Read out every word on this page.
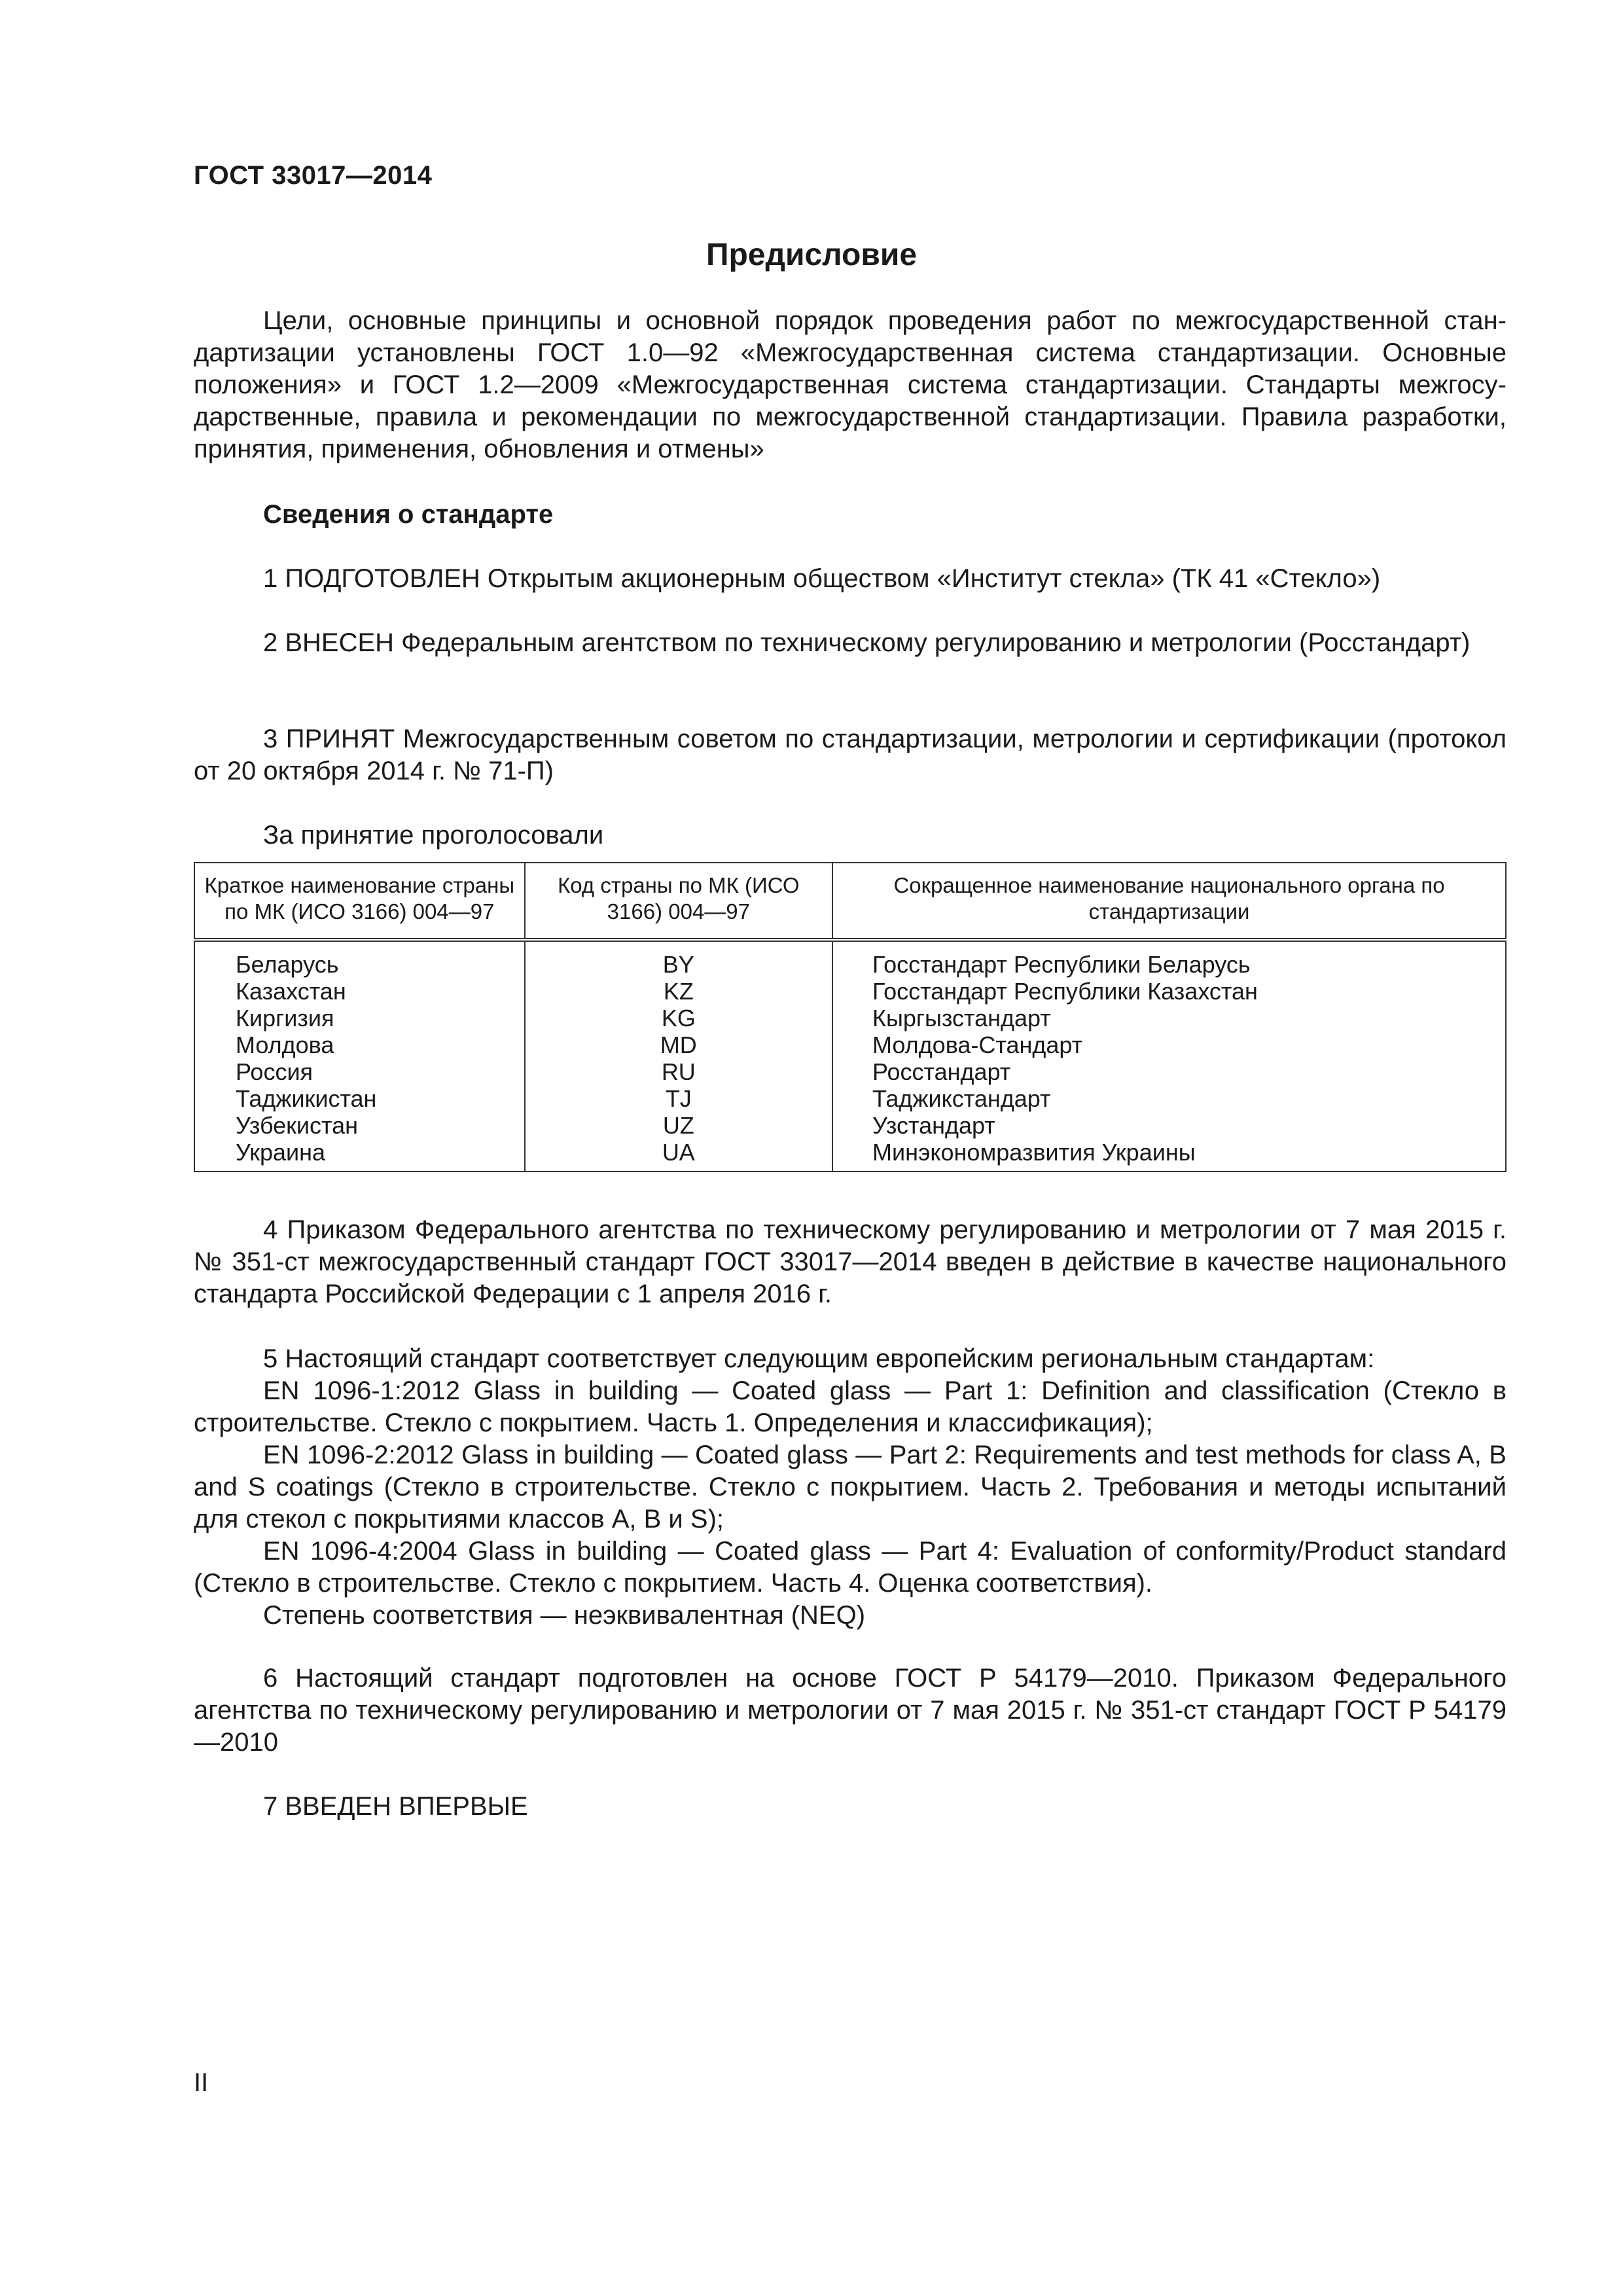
ГОСТ 33017—2014
Предисловие

Цели, основные принципы и основной порядок проведения работ по межгосударственной стандартизации установлены ГОСТ 1.0—92 «Межгосударственная система стандартизации. Основные положения» и ГОСТ 1.2—2009 «Межгосударственная система стандартизации. Стандарты межгосударственные, правила и рекомендации по межгосударственной стандартизации. Правила разработки, принятия, применения, обновления и отмены»

Сведения о стандарте

1 ПОДГОТОВЛЕН Открытым акционерным обществом «Институт стекла» (ТК 41 «Стекло»)

2 ВНЕСЕН Федеральным агентством по техническому регулированию и метрологии (Росстандарт)

3 ПРИНЯТ Межгосударственным советом по стандартизации, метрологии и сертификации (протокол от 20 октября 2014 г. № 71-П)

За принятие проголосовали

Краткое наименование страны по МК (ИСО 3166) 004—97	Код страны по МК (ИСО 3166) 004—97	Сокращенное наименование национального органа по стандартизации
Беларусь	BY	Госстандарт Республики Беларусь
Казахстан	KZ	Госстандарт Республики Казахстан
Киргизия	KG	Кыргызстандарт
Молдова	MD	Молдова-Стандарт
Россия	RU	Росстандарт
Таджикистан	TJ	Таджикстандарт
Узбекистан	UZ	Узстандарт
Украина	UA	Минэкономразвития Украины

4 Приказом Федерального агентства по техническому регулированию и метрологии от 7 мая 2015 г. № 351-ст межгосударственный стандарт ГОСТ 33017—2014 введен в действие в качестве национального стандарта Российской Федерации с 1 апреля 2016 г.

5 Настоящий стандарт соответствует следующим европейским региональным стандартам:

EN 1096-1:2012 Glass in building — Coated glass — Part 1: Definition and classification (Стекло в строительстве. Стекло с покрытием. Часть 1. Определения и классификация);

EN 1096-2:2012 Glass in building — Coated glass — Part 2: Requirements and test methods for class A, B and S coatings (Стекло в строительстве. Стекло с покрытием. Часть 2. Требования и методы испытаний для стекол с покрытиями классов А, В и S);

EN 1096-4:2004 Glass in building — Coated glass — Part 4: Evaluation of conformity/Product standard (Стекло в строительстве. Стекло с покрытием. Часть 4. Оценка соответствия).

Степень соответствия — неэквивалентная (NEQ)

6 Настоящий стандарт подготовлен на основе ГОСТ Р 54179—2010. Приказом Федерального агентства по техническому регулированию и метрологии от 7 мая 2015 г. № 351-ст стандарт ГОСТ Р 54179—2010

7 ВВЕДЕН ВПЕРВЫЕ

II
